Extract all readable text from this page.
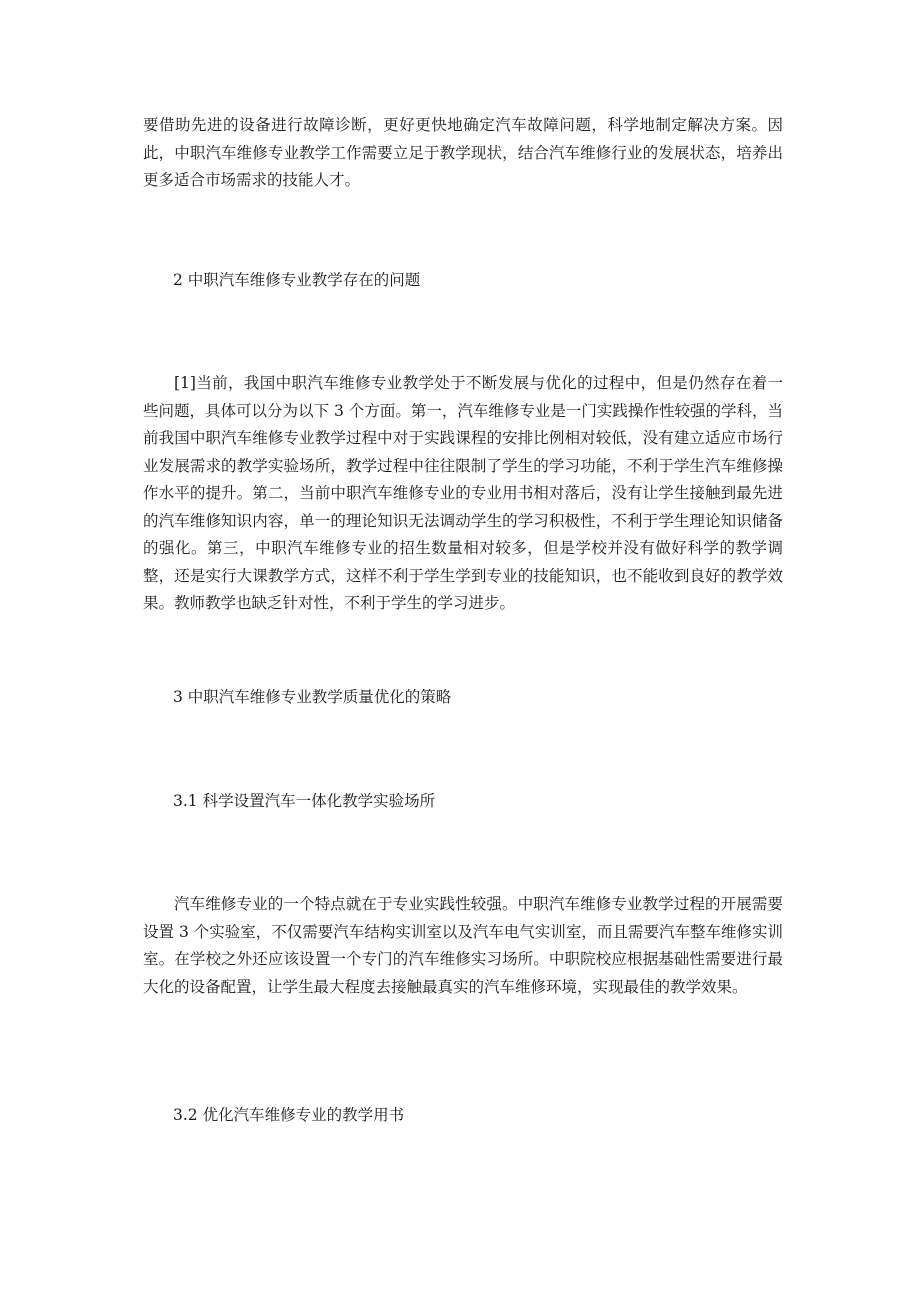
要借助先进的设备进行故障诊断，更好更快地确定汽车故障问题，科学地制定解决方案。因此，中职汽车维修专业教学工作需要立足于教学现状，结合汽车维修行业的发展状态，培养出更多适合市场需求的技能人才。

2 中职汽车维修专业教学存在的问题

[1]当前，我国中职汽车维修专业教学处于不断发展与优化的过程中，但是仍然存在着一些问题，具体可以分为以下 3 个方面。第一，汽车维修专业是一门实践操作性较强的学科，当前我国中职汽车维修专业教学过程中对于实践课程的安排比例相对较低，没有建立适应市场行业发展需求的教学实验场所，教学过程中往往限制了学生的学习功能，不利于学生汽车维修操作水平的提升。第二，当前中职汽车维修专业的专业用书相对落后，没有让学生接触到最先进的汽车维修知识内容，单一的理论知识无法调动学生的学习积极性，不利于学生理论知识储备的强化。第三，中职汽车维修专业的招生数量相对较多，但是学校并没有做好科学的教学调整，还是实行大课教学方式，这样不利于学生学到专业的技能知识，也不能收到良好的教学效果。教师教学也缺乏针对性，不利于学生的学习进步。

3 中职汽车维修专业教学质量优化的策略

3.1 科学设置汽车一体化教学实验场所

汽车维修专业的一个特点就在于专业实践性较强。中职汽车维修专业教学过程的开展需要设置 3 个实验室，不仅需要汽车结构实训室以及汽车电气实训室，而且需要汽车整车维修实训室。在学校之外还应该设置一个专门的汽车维修实习场所。中职院校应根据基础性需要进行最大化的设备配置，让学生最大程度去接触最真实的汽车维修环境，实现最佳的教学效果。

3.2 优化汽车维修专业的教学用书
